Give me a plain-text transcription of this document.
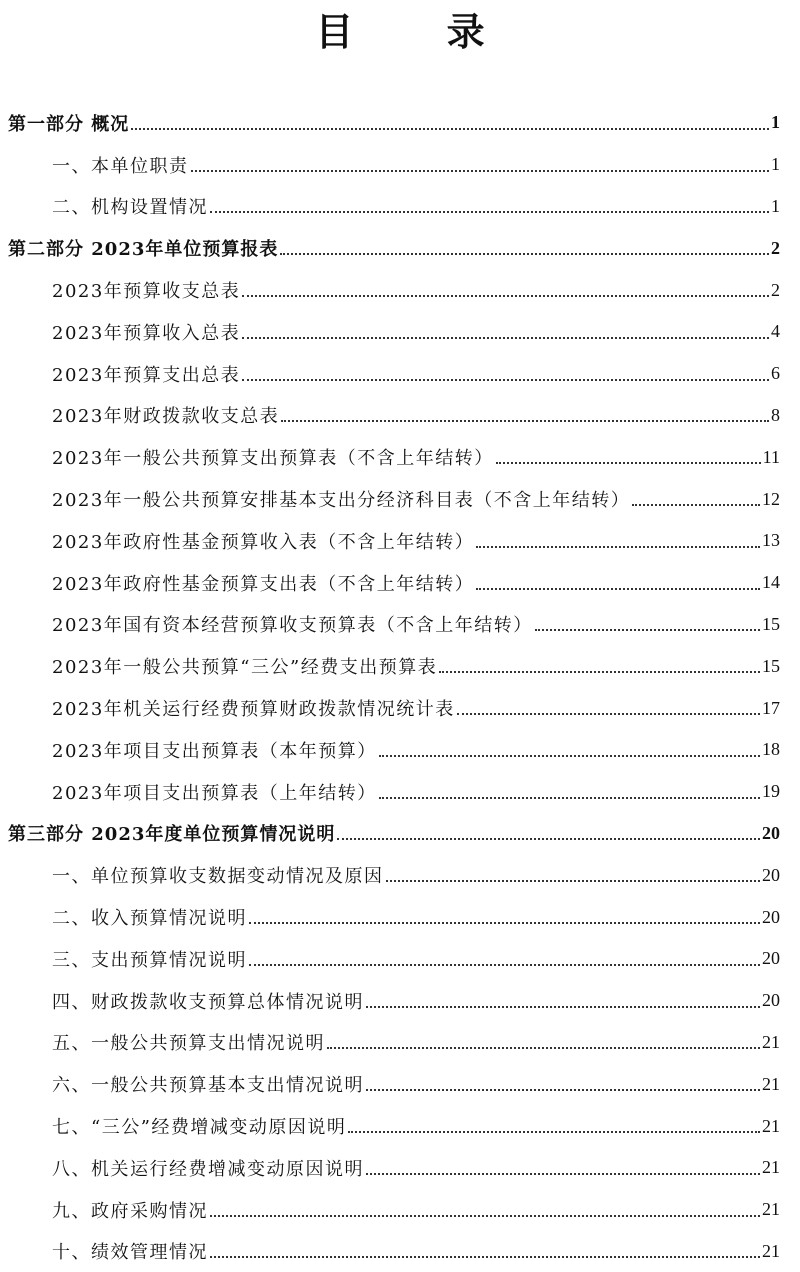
目 录
第一部分 概况	1
一、本单位职责	1
二、机构设置情况	1
第二部分 2023年单位预算报表	2
2023年预算收支总表	2
2023年预算收入总表	4
2023年预算支出总表	6
2023年财政拨款收支总表	8
2023年一般公共预算支出预算表（不含上年结转）	11
2023年一般公共预算安排基本支出分经济科目表（不含上年结转）	12
2023年政府性基金预算收入表（不含上年结转）	13
2023年政府性基金预算支出表（不含上年结转）	14
2023年国有资本经营预算收支预算表（不含上年结转）	15
2023年一般公共预算“三公”经费支出预算表	15
2023年机关运行经费预算财政拨款情况统计表	17
2023年项目支出预算表（本年预算）	18
2023年项目支出预算表（上年结转）	19
第三部分 2023年度单位预算情况说明	20
一、单位预算收支数据变动情况及原因	20
二、收入预算情况说明	20
三、支出预算情况说明	20
四、财政拨款收支预算总体情况说明	20
五、一般公共预算支出情况说明	21
六、一般公共预算基本支出情况说明	21
七、“三公”经费增减变动原因说明	21
八、机关运行经费增减变动原因说明	21
九、政府采购情况	21
十、绩效管理情况	21
